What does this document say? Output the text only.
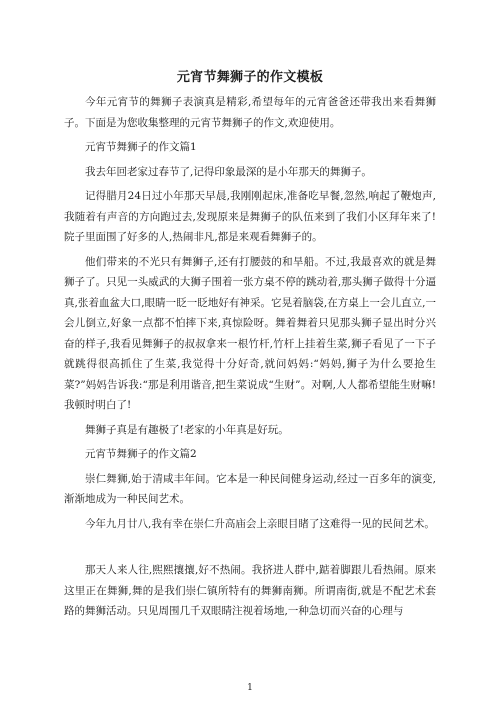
元宵节舞狮子的作文模板

今年元宵节的舞狮子表演真是精彩,希望每年的元宵爸爸还带我出来看舞狮子。下面是为您收集整理的元宵节舞狮子的作文,欢迎使用。

元宵节舞狮子的作文篇1

我去年回老家过春节了,记得印象最深的是小年那天的舞狮子。

记得腊月24日过小年那天早晨,我刚刚起床,准备吃早餐,忽然,响起了鞭炮声,我随着有声音的方向跑过去,发现原来是舞狮子的队伍来到了我们小区拜年来了!院子里面围了好多的人,热闹非凡,都是来观看舞狮子的。

他们带来的不光只有舞狮子,还有打腰鼓的和旱船。不过,我最喜欢的就是舞狮子了。只见一头威武的大狮子围着一张方桌不停的跳动着,那头狮子做得十分逼真,张着血盆大口,眼睛一眨一眨地好有神采。它晃着脑袋,在方桌上一会儿直立,一会儿倒立,好象一点都不怕摔下来,真惊险呀。舞着舞着只见那头狮子显出时分兴奋的样子,我看见舞狮子的叔叔拿来一根竹杆,竹杆上挂着生菜,狮子看见了一下子就跳得很高抓住了生菜,我觉得十分好奇,就问妈妈:“妈妈,狮子为什么要抢生菜?”妈妈告诉我:“那是利用谐音,把生菜说成“生财”。对啊,人人都希望能生财嘛!我顿时明白了!

舞狮子真是有趣极了!老家的小年真是好玩。

元宵节舞狮子的作文篇2

崇仁舞狮,始于清咸丰年间。它本是一种民间健身运动,经过一百多年的演变,渐渐地成为一种民间艺术。

今年九月廿八,我有幸在崇仁升高庙会上亲眼目睹了这难得一见的民间艺术。

那天人来人往,熙熙攘攘,好不热闹。我挤进人群中,踮着脚跟儿看热闹。原来这里正在舞狮,舞的是我们崇仁镇所特有的舞狮南狮。所谓南街,就是不配艺术套路的舞狮活动。只见周围几千双眼睛注视着场地,一种急切而兴奋的心理与

1
